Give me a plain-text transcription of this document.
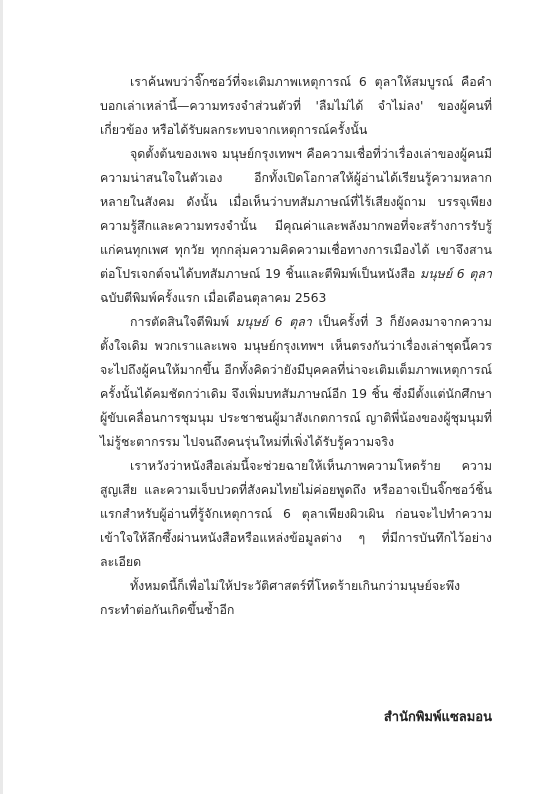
เราค้นพบว่าจิ๊กซอว์ที่จะเติมภาพเหตุการณ์ 6 ตุลาให้สมบูรณ์ คือคำบอกเล่าเหล่านี้—ความทรงจำส่วนตัวที่ 'ลืมไม่ได้ จำไม่ลง' ของผู้คนที่เกี่ยวข้อง หรือได้รับผลกระทบจากเหตุการณ์ครั้งนั้น

จุดตั้งต้นของเพจ มนุษย์กรุงเทพฯ คือความเชื่อที่ว่าเรื่องเล่าของผู้คนมีความน่าสนใจในตัวเอง อีกทั้งเปิดโอกาสให้ผู้อ่านได้เรียนรู้ความหลากหลายในสังคม ดังนั้น เมื่อเห็นว่าบทสัมภาษณ์ที่ไร้เสียงผู้ถาม บรรจุเพียงความรู้สึกและความทรงจำนั้น มีคุณค่าและพลังมากพอที่จะสร้างการรับรู้แก่คนทุกเพศ ทุกวัย ทุกกลุ่มความคิดความเชื่อทางการเมืองได้ เขาจึงสานต่อโปรเจกต์จนได้บทสัมภาษณ์ 19 ชิ้นและตีพิมพ์เป็นหนังสือ มนุษย์ 6 ตุลา ฉบับตีพิมพ์ครั้งแรก เมื่อเดือนตุลาคม 2563

การตัดสินใจตีพิมพ์ มนุษย์ 6 ตุลา เป็นครั้งที่ 3 ก็ยังคงมาจากความตั้งใจเดิม พวกเราและเพจ มนุษย์กรุงเทพฯ เห็นตรงกันว่าเรื่องเล่าชุดนี้ควรจะไปถึงผู้คนให้มากขึ้น อีกทั้งคิดว่ายังมีบุคคลที่น่าจะเติมเต็มภาพเหตุการณ์ครั้งนั้นได้คมชัดกว่าเดิม จึงเพิ่มบทสัมภาษณ์อีก 19 ชิ้น ซึ่งมีตั้งแต่นักศึกษาผู้ขับเคลื่อนการชุมนุม ประชาชนผู้มาสังเกตการณ์ ญาติพี่น้องของผู้ชุมนุมที่ไม่รู้ชะตากรรม ไปจนถึงคนรุ่นใหม่ที่เพิ่งได้รับรู้ความจริง

เราหวังว่าหนังสือเล่มนี้จะช่วยฉายให้เห็นภาพความโหดร้าย ความสูญเสีย และความเจ็บปวดที่สังคมไทยไม่ค่อยพูดถึง หรืออาจเป็นจิ๊กซอว์ชิ้นแรกสำหรับผู้อ่านที่รู้จักเหตุการณ์ 6 ตุลาเพียงผิวเผิน ก่อนจะไปทำความเข้าใจให้ลึกซึ้งผ่านหนังสือหรือแหล่งข้อมูลต่าง ๆ ที่มีการบันทึกไว้อย่างละเอียด

ทั้งหมดนี้ก็เพื่อไม่ให้ประวัติศาสตร์ที่โหดร้ายเกินกว่ามนุษย์จะพึงกระทำต่อกันเกิดขึ้นซ้ำอีก

สำนักพิมพ์แซลมอน
